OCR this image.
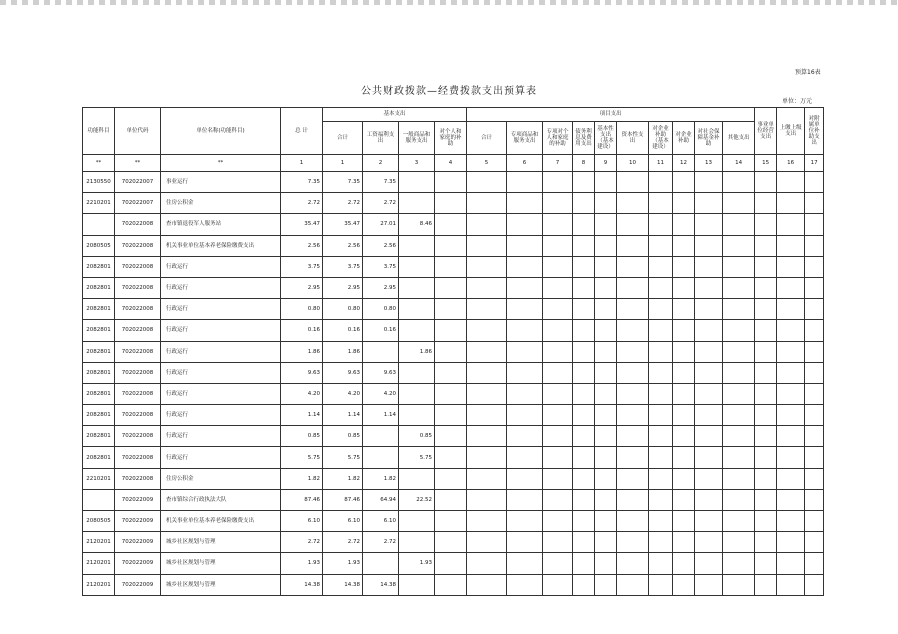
预算16表
公共财政拨款—经费拨款支出预算表
单位：万元
功能科目	单位代码	单位名称(功能科目)	总 计	基本支出				项目支出										事业单位经营支出	上缴上级支出	对附属单位补助支出
				合计	工资福利支出	一般商品和服务支出	对个人和家庭的补助	合计	专项商品和服务支出	专项对个人和家庭的补助	债务利息及费用支出	基本性支出（基本建设）	资本性支出	对企业补助（基本建设）	对企业补助	对社会保障基金补助	其他支出			
**	**	**	1	1	2	3	4	5	6	7	8	9	10	11	12	13	14	15	16	17
2130550	702022007	事业运行	7.35	7.35	7.35															
2210201	702022007	住房公积金	2.72	2.72	2.72															
	702022008	查市镇退役军人服务站	35.47	35.47	27.01	8.46														
2080505	702022008	机关事业单位基本养老保险缴费支出	2.56	2.56	2.56															
2082801	702022008	行政运行	3.75	3.75	3.75															
2082801	702022008	行政运行	2.95	2.95	2.95															
2082801	702022008	行政运行	0.80	0.80	0.80															
2082801	702022008	行政运行	0.16	0.16	0.16															
2082801	702022008	行政运行	1.86	1.86		1.86														
2082801	702022008	行政运行	9.63	9.63	9.63															
2082801	702022008	行政运行	4.20	4.20	4.20															
2082801	702022008	行政运行	1.14	1.14	1.14															
2082801	702022008	行政运行	0.85	0.85		0.85														
2082801	702022008	行政运行	5.75	5.75		5.75														
2210201	702022008	住房公积金	1.82	1.82	1.82															
	702022009	查市镇综合行政执法大队	87.46	87.46	64.94	22.52														
2080505	702022009	机关事业单位基本养老保险缴费支出	6.10	6.10	6.10															
2120201	702022009	城乡社区规划与管理	2.72	2.72	2.72															
2120201	702022009	城乡社区规划与管理	1.93	1.93		1.93														
2120201	702022009	城乡社区规划与管理	14.38	14.38	14.38															
